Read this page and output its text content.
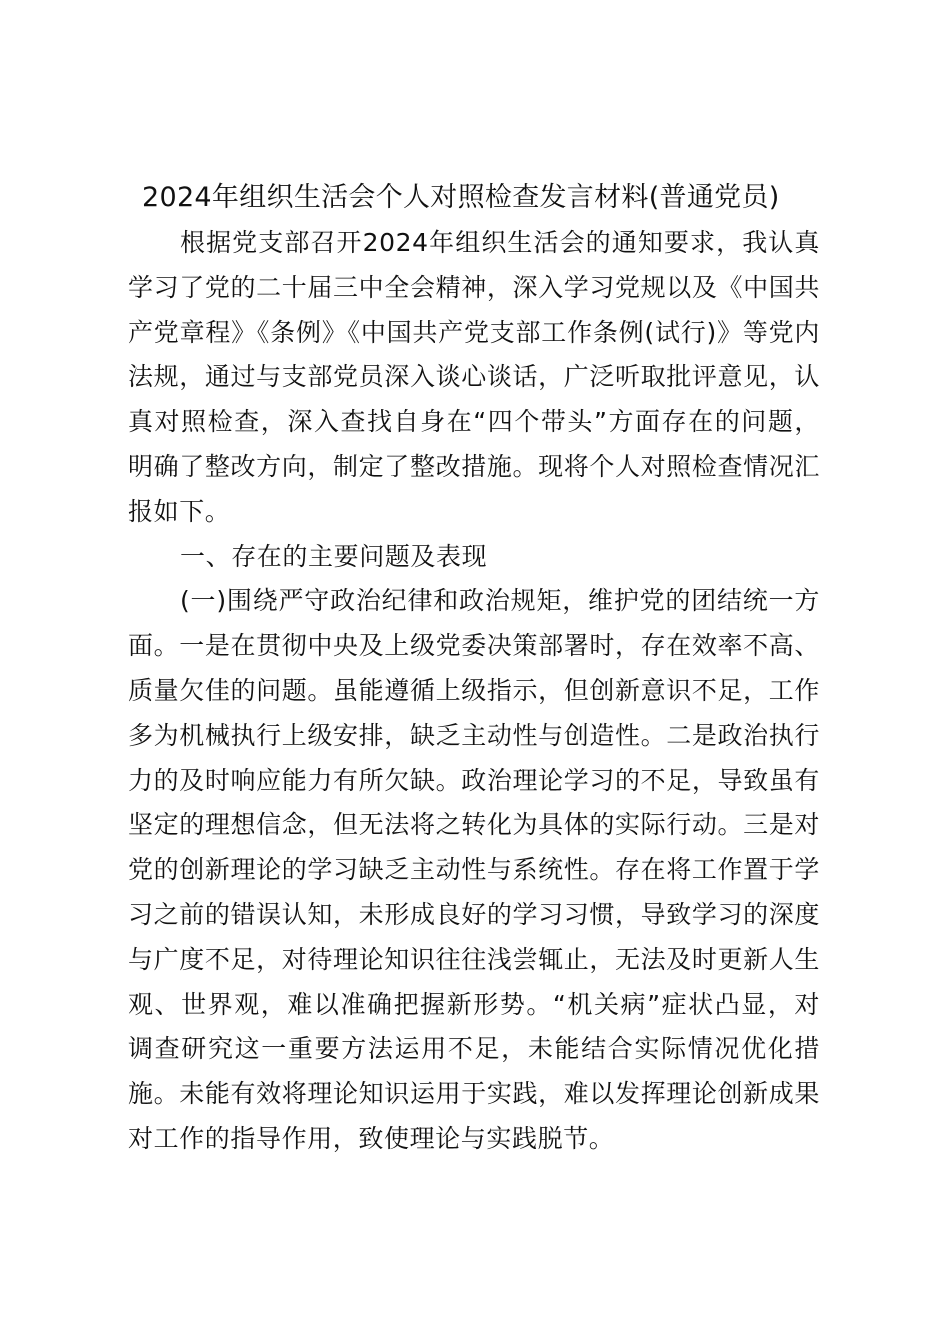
2024年组织生活会个人对照检查发言材料(普通党员)

根据党支部召开2024年组织生活会的通知要求，我认真学习了党的二十届三中全会精神，深入学习党规以及《中国共产党章程》《条例》《中国共产党支部工作条例(试行)》等党内法规，通过与支部党员深入谈心谈话，广泛听取批评意见，认真对照检查，深入查找自身在“四个带头”方面存在的问题，明确了整改方向，制定了整改措施。现将个人对照检查情况汇报如下。

一、存在的主要问题及表现

(一)围绕严守政治纪律和政治规矩，维护党的团结统一方面。一是在贯彻中央及上级党委决策部署时，存在效率不高、质量欠佳的问题。虽能遵循上级指示，但创新意识不足，工作多为机械执行上级安排，缺乏主动性与创造性。二是政治执行力的及时响应能力有所欠缺。政治理论学习的不足，导致虽有坚定的理想信念，但无法将之转化为具体的实际行动。三是对党的创新理论的学习缺乏主动性与系统性。存在将工作置于学习之前的错误认知，未形成良好的学习习惯，导致学习的深度与广度不足，对待理论知识往往浅尝辄止，无法及时更新人生观、世界观，难以准确把握新形势。“机关病”症状凸显，对调查研究这一重要方法运用不足，未能结合实际情况优化措施。未能有效将理论知识运用于实践，难以发挥理论创新成果对工作的指导作用，致使理论与实践脱节。
